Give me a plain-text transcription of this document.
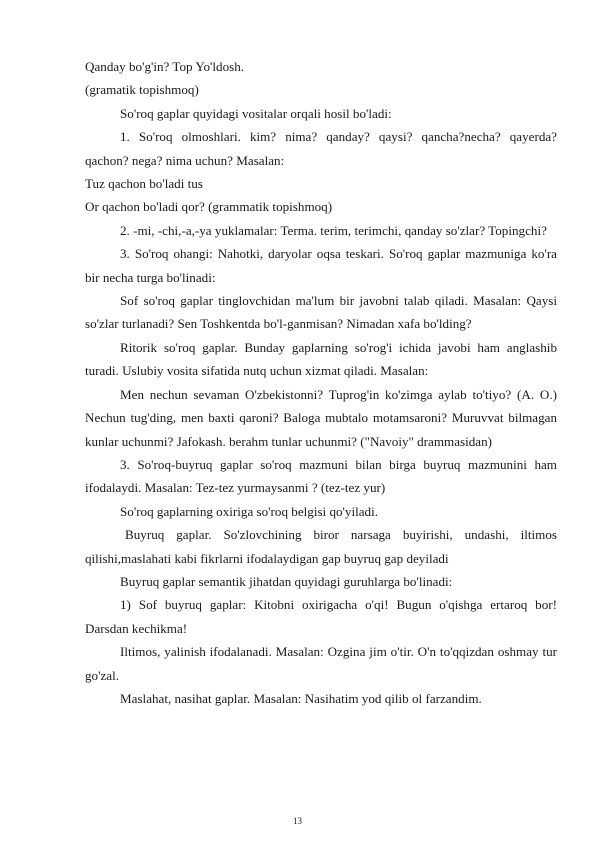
Qanday bo'g'in? Top Yo'ldosh.

(gramatik topishmoq)

So'roq gaplar quyidagi vositalar orqali hosil bo'ladi:

1. So'roq olmoshlari. kim? nima? qanday? qaysi? qancha?necha? qayerda? qachon? nega? nima uchun? Masalan:

Tuz qachon bo'ladi tus

Or qachon bo'ladi qor? (grammatik topishmoq)

2. -mi, -chi,-a,-ya yuklamalar: Terma. terim, terimchi, qanday so'zlar? Topingchi?

3. So'roq ohangi: Nahotki, daryolar oqsa teskari. So'roq gaplar mazmuniga ko'ra bir necha turga bo'linadi:

Sof so'roq gaplar tinglovchidan ma'lum bir javobni talab qiladi. Masalan: Qaysi so'zlar turlanadi? Sen Toshkentda bo'l-ganmisan? Nimadan xafa bo'lding?

Ritorik so'roq gaplar. Bunday gaplarning so'rog'i ichida javobi ham anglashib turadi. Uslubiy vosita sifatida nutq uchun xizmat qiladi. Masalan:

Men nechun sevaman O'zbekistonni? Tuprog'in ko'zimga aylab to'tiyo? (A. O.) Nechun tug'ding, men baxti qaroni? Baloga mubtalo motamsaroni? Muruvvat bilmagan kunlar uchunmi? Jafokash. berahm tunlar uchunmi? ("Navoiy" drammasidan)

3. So'roq-buyruq gaplar so'roq mazmuni bilan birga buyruq mazmunini ham ifodalaydi. Masalan: Tez-tez yurmaysanmi ? (tez-tez yur)

So'roq gaplarning oxiriga so'roq belgisi qo'yiladi.

Buyruq gaplar. So'zlovchining biror narsaga buyirishi, undashi, iltimos qilishi,maslahati kabi fikrlarni ifodalaydigan gap buyruq gap deyiladi

Buyruq gaplar semantik jihatdan quyidagi guruhlarga bo'linadi:

1) Sof buyruq gaplar: Kitobni oxirigacha o'qi! Bugun o'qishga ertaroq bor! Darsdan kechikma!

Iltimos, yalinish ifodalanadi. Masalan: Ozgina jim o'tir. O'n to'qqizdan oshmay tur go'zal.

Maslahat, nasihat gaplar. Masalan: Nasihatim yod qilib ol farzandim.

13
